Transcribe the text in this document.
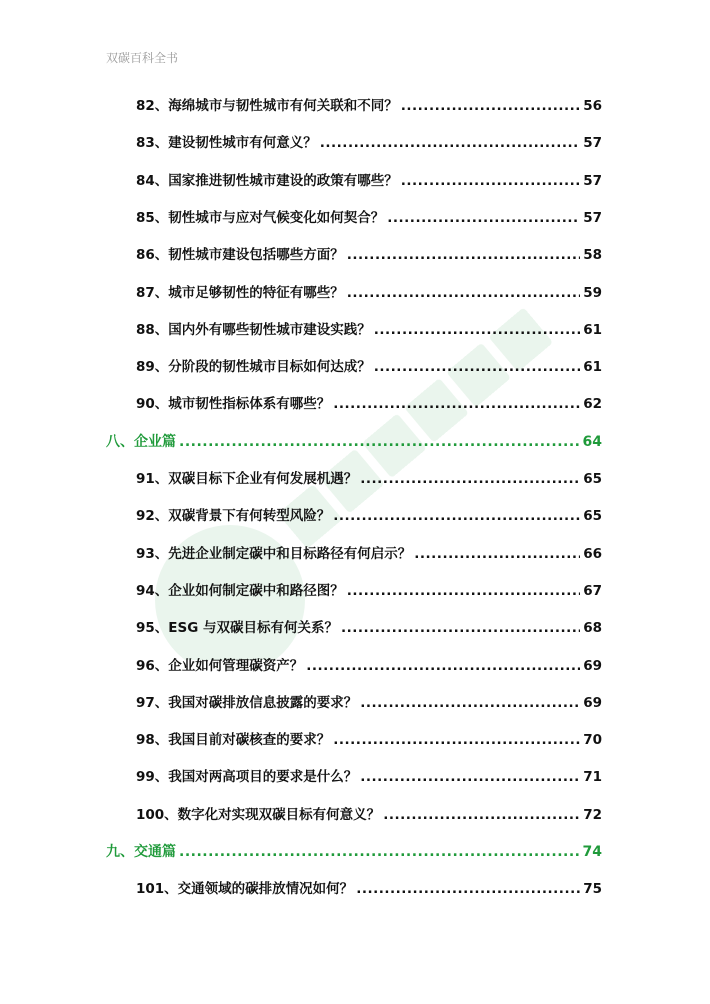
双碳百科全书
82、海绵城市与韧性城市有何关联和不同？ .....	56
83、建设韧性城市有何意义？ .....	57
84、国家推进韧性城市建设的政策有哪些？ .....	57
85、韧性城市与应对气候变化如何契合？ .....	57
86、韧性城市建设包括哪些方面？ .....	58
87、城市足够韧性的特征有哪些？ .....	59
88、国内外有哪些韧性城市建设实践？ .....	61
89、分阶段的韧性城市目标如何达成？ .....	61
90、城市韧性指标体系有哪些？ .....	62
八、企业篇 .....	64
91、双碳目标下企业有何发展机遇？ .....	65
92、双碳背景下有何转型风险？ .....	65
93、先进企业制定碳中和目标路径有何启示？ .....	66
94、企业如何制定碳中和路径图？ .....	67
95、ESG 与双碳目标有何关系？ .....	68
96、企业如何管理碳资产？ .....	69
97、我国对碳排放信息披露的要求？ .....	69
98、我国目前对碳核查的要求？ .....	70
99、我国对两高项目的要求是什么？ .....	71
100、数字化对实现双碳目标有何意义？ .....	72
九、交通篇 .....	74
101、交通领域的碳排放情况如何？ .....	75
